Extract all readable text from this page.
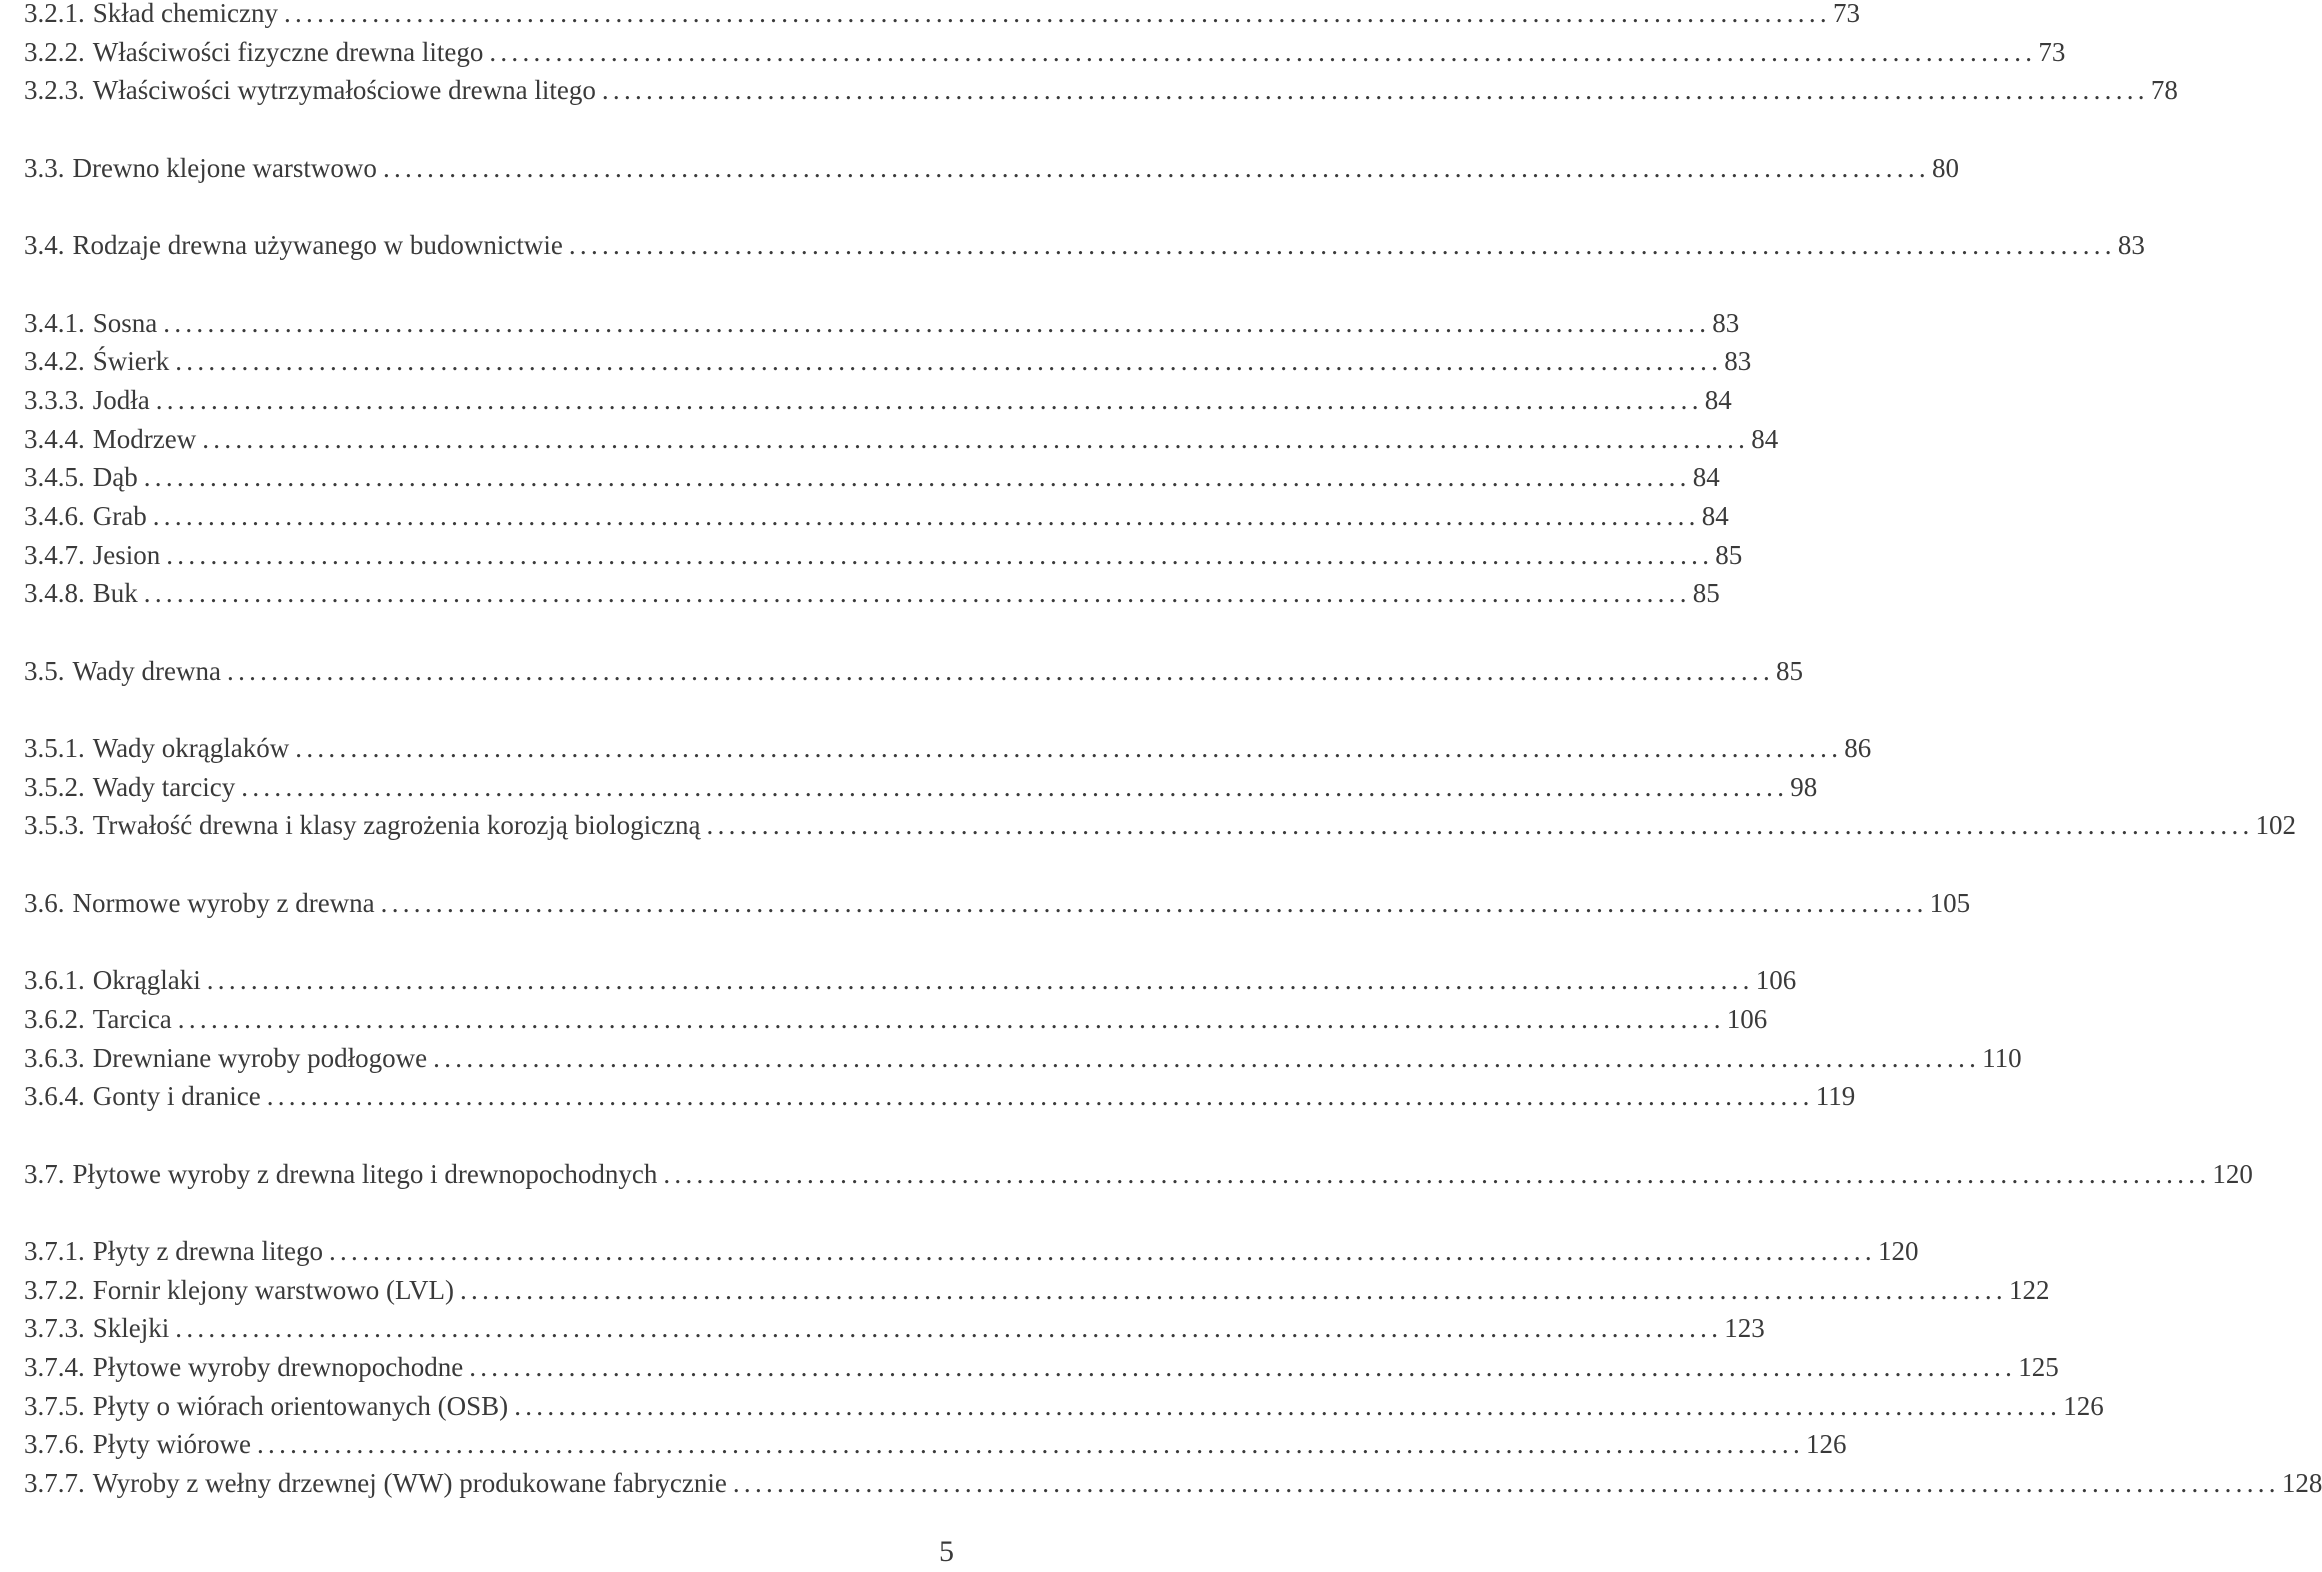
3.2.1. Skład chemiczny ............................................................................................................................................ 73
3.2.2. Właściwości fizyczne drewna litego ............................................................................................................................................ 73
3.2.3. Właściwości wytrzymałościowe drewna litego ............................................................................................................................................ 78
3.3. Drewno klejone warstwowo ............................................................................................................................................ 80
3.4. Rodzaje drewna używanego w budownictwie ............................................................................................................................................ 83
3.4.1. Sosna ............................................................................................................................................ 83
3.4.2. Świerk ............................................................................................................................................ 83
3.3.3. Jodła ............................................................................................................................................ 84
3.4.4. Modrzew ............................................................................................................................................ 84
3.4.5. Dąb ............................................................................................................................................ 84
3.4.6. Grab ............................................................................................................................................ 84
3.4.7. Jesion ............................................................................................................................................ 85
3.4.8. Buk ............................................................................................................................................ 85
3.5. Wady drewna ............................................................................................................................................ 85
3.5.1. Wady okrąglaków ............................................................................................................................................ 86
3.5.2. Wady tarcicy ............................................................................................................................................ 98
3.5.3. Trwałość drewna i klasy zagrożenia korozją biologiczną ............................................................................................................................................ 102
3.6. Normowe wyroby z drewna ............................................................................................................................................ 105
3.6.1. Okrąglaki ............................................................................................................................................ 106
3.6.2. Tarcica ............................................................................................................................................ 106
3.6.3. Drewniane wyroby podłogowe ............................................................................................................................................ 110
3.6.4. Gonty i dranice ............................................................................................................................................ 119
3.7. Płytowe wyroby z drewna litego i drewnopochodnych ............................................................................................................................................ 120
3.7.1. Płyty z drewna litego ............................................................................................................................................ 120
3.7.2. Fornir klejony warstwowo (LVL) ............................................................................................................................................ 122
3.7.3. Sklejki ............................................................................................................................................ 123
3.7.4. Płytowe wyroby drewnopochodne ............................................................................................................................................ 125
3.7.5. Płyty o wiórach orientowanych (OSB) ............................................................................................................................................ 126
3.7.6. Płyty wiórowe ............................................................................................................................................ 126
3.7.7. Wyroby z wełny drzewnej (WW) produkowane fabrycznie ............................................................................................................................................ 128
5
